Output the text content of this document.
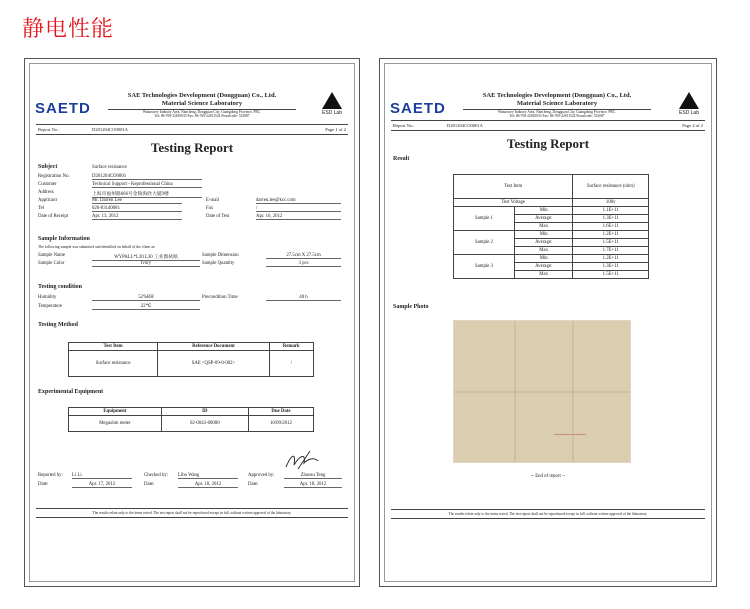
静电性能
SAETD
SAE Technologies Development (Dongguan) Co., Ltd.
Material Science Laboratory
Wanaxwey Industry Area, Nancheng, Dongguan City, Guangdong Province, PRC.
Tel: 86-769-22810033 Fax: 86-769-22811524 Postalcode: 523087
ESD Lab
Report No.:	D201204CO0001A	Page 1 of 2
Testing Report
Subject	Surface resistance
Registration No.	D201204CO0001
Customer	Technical Support - Keprofessional China
Address	上海市福州路666号金陵海欣大厦9楼
Applicant	Mr. Darren Lee	E-mail	darren.lee@kcc.com
Tel	020-83140081	Fax	/
Date of Receipt	Apr. 13, 2012	Date of Test	Apr. 16, 2012
Sample Information
The following sample was submitted and identified on behalf of the client as:
Sample Name	WYPALL*L20 L30 工业擦拭纸	Sample Dimension	27.5cm X 27.5cm
Sample Color	Ivory	Sample Quantity	3 pcs
Testing condition
Humidity	52%RH	Precondition Time	48 h
Temperature	22℃
Testing Method
Test Item	Reference Document	Remark
Surface resistance	SAE <QSP-09-0-002>	/
Experimental Equipment
Equipment	ID	Due Date
Megaohm meter	02-0043-00080	10/09/2012
Reported by: Li Li	Checked by: Libo Wang	Approved by:	Zhaosu Teng
Date:	Apr. 17, 2012	Date:	Apr. 18, 2012	Date:	Apr. 18, 2012
The results relate only to the items tested. The test report shall not be reproduced except in full, without written approval of the laboratory.
SAETD
SAE Technologies Development (Dongguan) Co., Ltd.
Material Science Laboratory
Wanaxwey Industry Area, Nancheng, Dongguan City, Guangdong Province, PRC.
Tel: 86-769-22810033 Fax: 86-769-22811524 Postalcode: 523087
ESD Lab
Report No.:	D201204CO0001A	Page 2 of 2
Testing Report
Result
Test Item		Surface resistance (ohm)
Test Voltage		100v
Sample 1	Min	1.1E+11
	Average:	1.3E+11
	Max	1.6E+11
Sample 2	Min	1.2E+11
	Average:	1.5E+11
	Max	1.7E+11
Sample 3	Min	1.2E+11
	Average:	1.3E+11
	Max	1.5E+11
Sample Photo
-- End of report --
The results relate only to the items tested. The test report shall not be reproduced except in full, without written approval of the laboratory.
